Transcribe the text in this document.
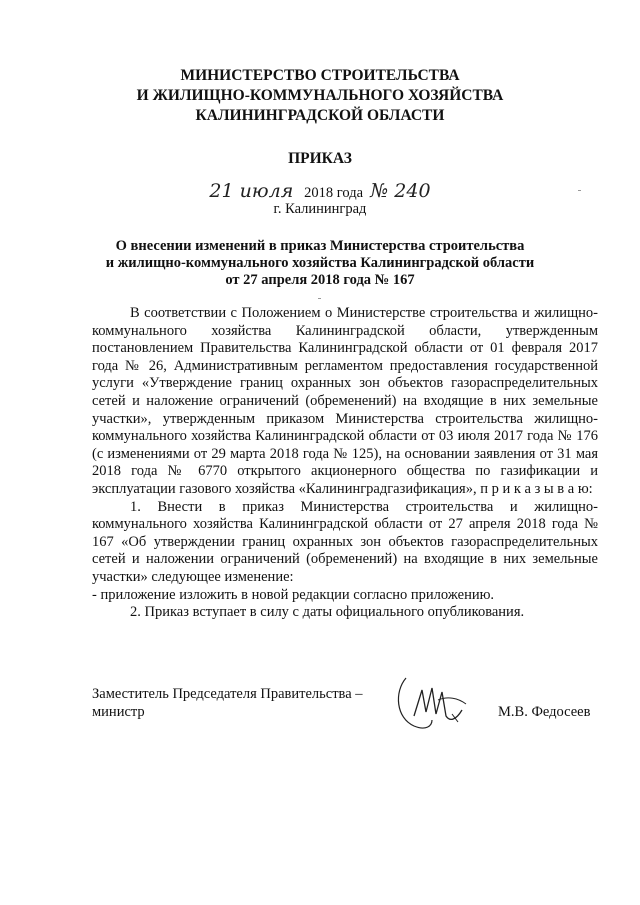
МИНИСТЕРСТВО СТРОИТЕЛЬСТВА
И ЖИЛИЩНО-КОММУНАЛЬНОГО ХОЗЯЙСТВА
КАЛИНИНГРАДСКОЙ ОБЛАСТИ
ПРИКАЗ
21 июля 2018 года № 240
г. Калининград
О внесении изменений в приказ Министерства строительства
и жилищно-коммунального хозяйства Калининградской области
от 27 апреля 2018 года № 167

В соответствии с Положением о Министерстве строительства и жилищно-коммунального хозяйства Калининградской области, утвержденным постановлением Правительства Калининградской области от 01 февраля 2017 года № 26, Административным регламентом предоставления государственной услуги «Утверждение границ охранных зон объектов газораспределительных сетей и наложение ограничений (обременений) на входящие в них земельные участки», утвержденным приказом Министерства строительства жилищно-коммунального хозяйства Калининградской области от 03 июля 2017 года № 176 (с изменениями от 29 марта 2018 года № 125), на основании заявления от 31 мая 2018 года № 6770 открытого акционерного общества по газификации и эксплуатации газового хозяйства «Калининградгазификация», п р и к а з ы в а ю:

1. Внести в приказ Министерства строительства и жилищно-коммунального хозяйства Калининградской области от 27 апреля 2018 года № 167 «Об утверждении границ охранных зон объектов газораспределительных сетей и наложении ограничений (обременений) на входящие в них земельные участки» следующее изменение:

- приложение изложить в новой редакции согласно приложению.

2. Приказ вступает в силу с даты официального опубликования.

Заместитель Председателя Правительства –
министр	М.В. Федосеев
